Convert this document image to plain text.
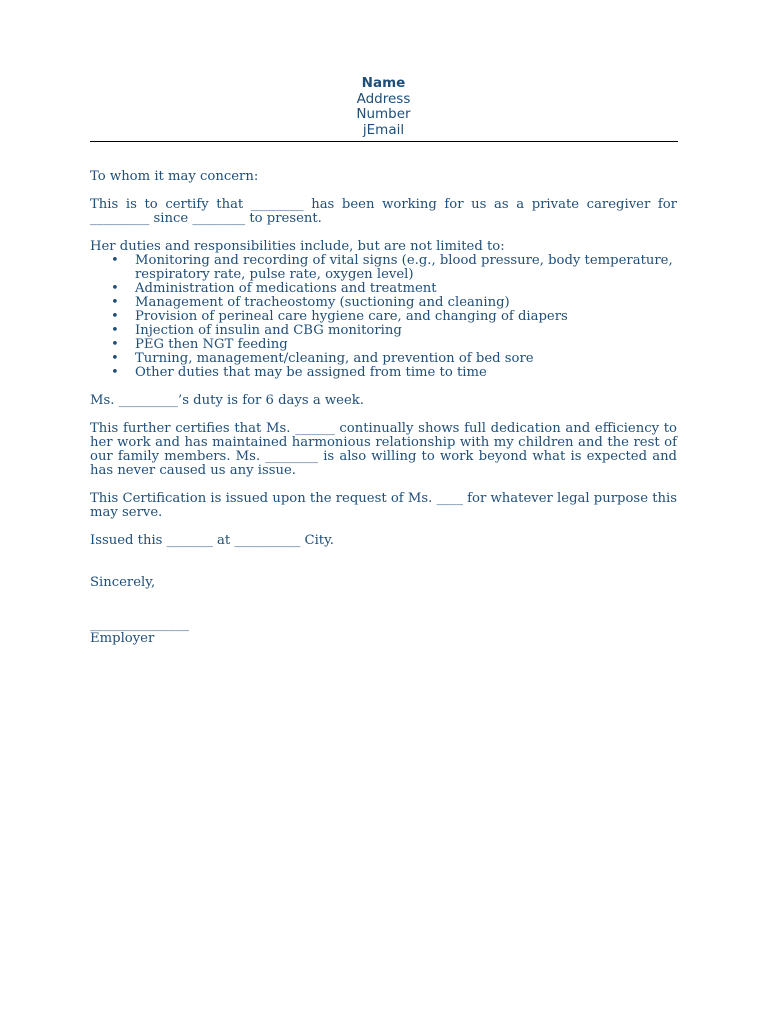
Name
Address
Number
jEmail

To whom it may concern:

This is to certify that ________ has been working for us as a private caregiver for _________ since ________ to present.

Her duties and responsibilities include, but are not limited to:

• Monitoring and recording of vital signs (e.g., blood pressure, body temperature, respiratory rate, pulse rate, oxygen level)
• Administration of medications and treatment
• Management of tracheostomy (suctioning and cleaning)
• Provision of perineal care hygiene care, and changing of diapers
• Injection of insulin and CBG monitoring
• PEG then NGT feeding
• Turning, management/cleaning, and prevention of bed sore
• Other duties that may be assigned from time to time

Ms. _________’s duty is for 6 days a week.

This further certifies that Ms. ______ continually shows full dedication and efficiency to her work and has maintained harmonious relationship with my children and the rest of our family members. Ms. ________ is also willing to work beyond what is expected and has never caused us any issue.

This Certification is issued upon the request of Ms. ____ for whatever legal purpose this may serve.

Issued this _______ at __________ City.

Sincerely,

_______________

Employer
